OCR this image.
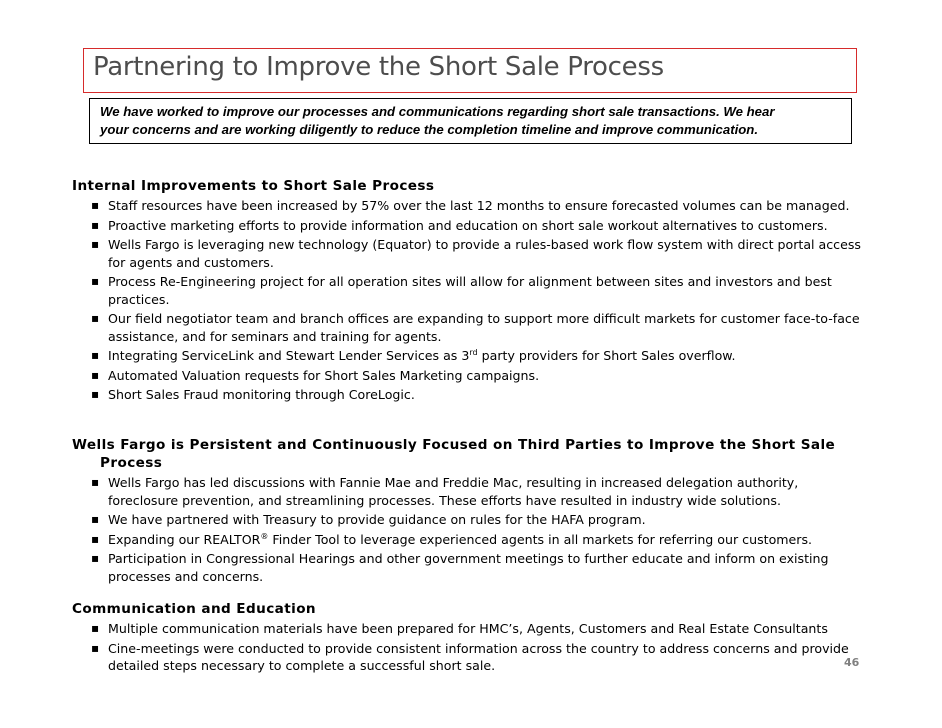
Partnering to Improve the Short Sale Process
We have worked to improve our processes and communications regarding short sale transactions. We hear
your concerns and are working diligently to reduce the completion timeline and improve communication.

Internal Improvements to Short Sale Process

▪ Staff resources have been increased by 57% over the last 12 months to ensure forecasted volumes can be managed.
▪ Proactive marketing efforts to provide information and education on short sale workout alternatives to customers.
▪ Wells Fargo is leveraging new technology (Equator) to provide a rules-based work flow system with direct portal access for agents and customers.
▪ Process Re-Engineering project for all operation sites will allow for alignment between sites and investors and best practices.
▪ Our field negotiator team and branch offices are expanding to support more difficult markets for customer face-to-face assistance, and for seminars and training for agents.
▪ Integrating ServiceLink and Stewart Lender Services as 3rd party providers for Short Sales overflow.
▪ Automated Valuation requests for Short Sales Marketing campaigns.
▪ Short Sales Fraud monitoring through CoreLogic.

Wells Fargo is Persistent and Continuously Focused on Third Parties to Improve the Short Sale
Process

▪ Wells Fargo has led discussions with Fannie Mae and Freddie Mac, resulting in increased delegation authority, foreclosure prevention, and streamlining processes. These efforts have resulted in industry wide solutions.
▪ We have partnered with Treasury to provide guidance on rules for the HAFA program.
▪ Expanding our REALTOR® Finder Tool to leverage experienced agents in all markets for referring our customers.
▪ Participation in Congressional Hearings and other government meetings to further educate and inform on existing processes and concerns.

Communication and Education

▪ Multiple communication materials have been prepared for HMC’s, Agents, Customers and Real Estate Consultants
▪ Cine-meetings were conducted to provide consistent information across the country to address concerns and provide detailed steps necessary to complete a successful short sale.	46
